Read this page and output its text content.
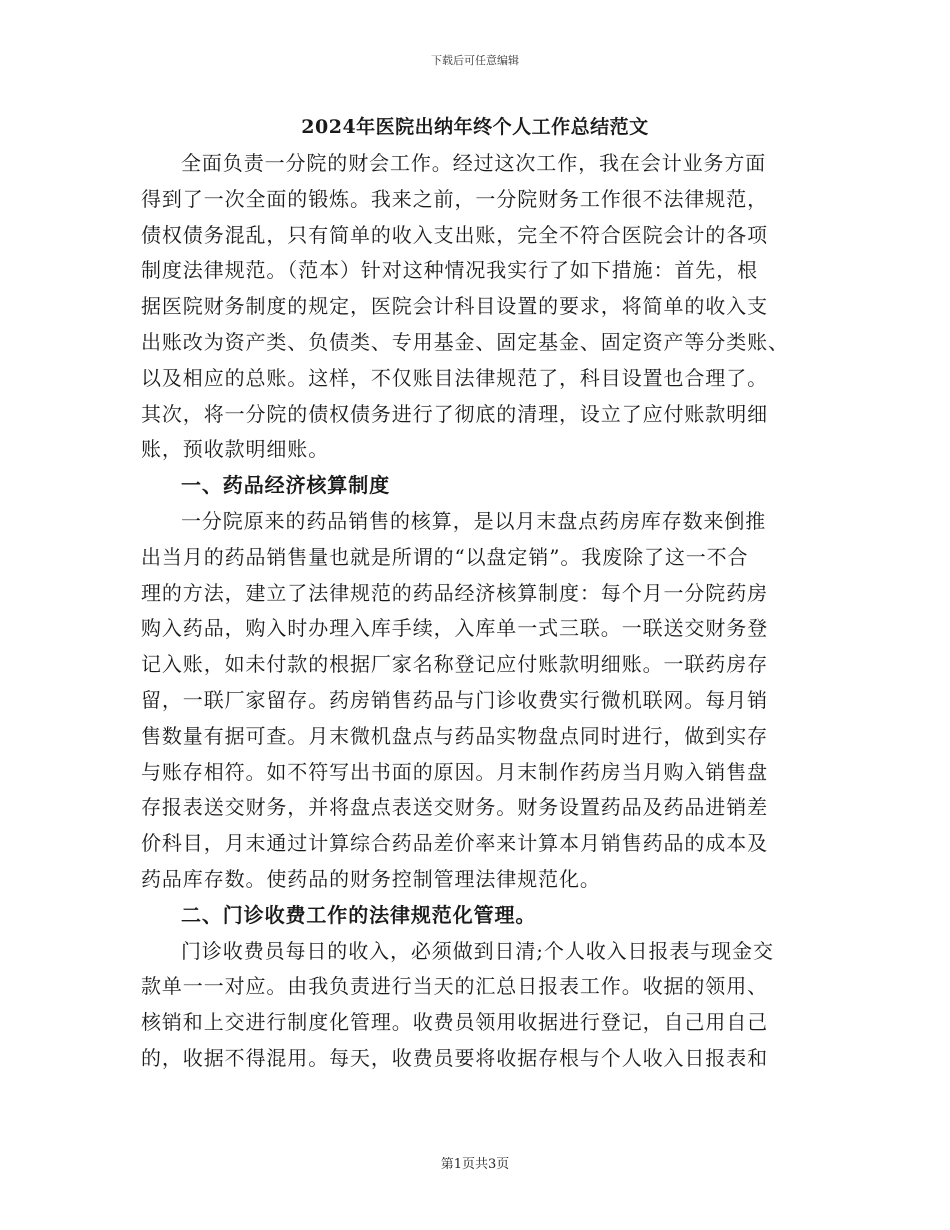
下载后可任意编辑
2024年医院出纳年终个人工作总结范文

全面负责一分院的财会工作。经过这次工作，我在会计业务方面

得到了一次全面的锻炼。我来之前，一分院财务工作很不法律规范，

债权债务混乱，只有简单的收入支出账，完全不符合医院会计的各项

制度法律规范。（范本）针对这种情况我实行了如下措施：首先，根

据医院财务制度的规定，医院会计科目设置的要求，将简单的收入支

出账改为资产类、负债类、专用基金、固定基金、固定资产等分类账、

以及相应的总账。这样，不仅账目法律规范了，科目设置也合理了。

其次，将一分院的债权债务进行了彻底的清理，设立了应付账款明细

账，预收款明细账。

一、药品经济核算制度

一分院原来的药品销售的核算，是以月末盘点药房库存数来倒推

出当月的药品销售量也就是所谓的“以盘定销”。我废除了这一不合

理的方法，建立了法律规范的药品经济核算制度：每个月一分院药房

购入药品，购入时办理入库手续，入库单一式三联。一联送交财务登

记入账，如未付款的根据厂家名称登记应付账款明细账。一联药房存

留，一联厂家留存。药房销售药品与门诊收费实行微机联网。每月销

售数量有据可查。月末微机盘点与药品实物盘点同时进行，做到实存

与账存相符。如不符写出书面的原因。月末制作药房当月购入销售盘

存报表送交财务，并将盘点表送交财务。财务设置药品及药品进销差

价科目，月末通过计算综合药品差价率来计算本月销售药品的成本及

药品库存数。使药品的财务控制管理法律规范化。

二、门诊收费工作的法律规范化管理。

门诊收费员每日的收入，必须做到日清;个人收入日报表与现金交

款单一一对应。由我负责进行当天的汇总日报表工作。收据的领用、

核销和上交进行制度化管理。收费员领用收据进行登记，自己用自己

的，收据不得混用。每天，收费员要将收据存根与个人收入日报表和

第1页共3页
